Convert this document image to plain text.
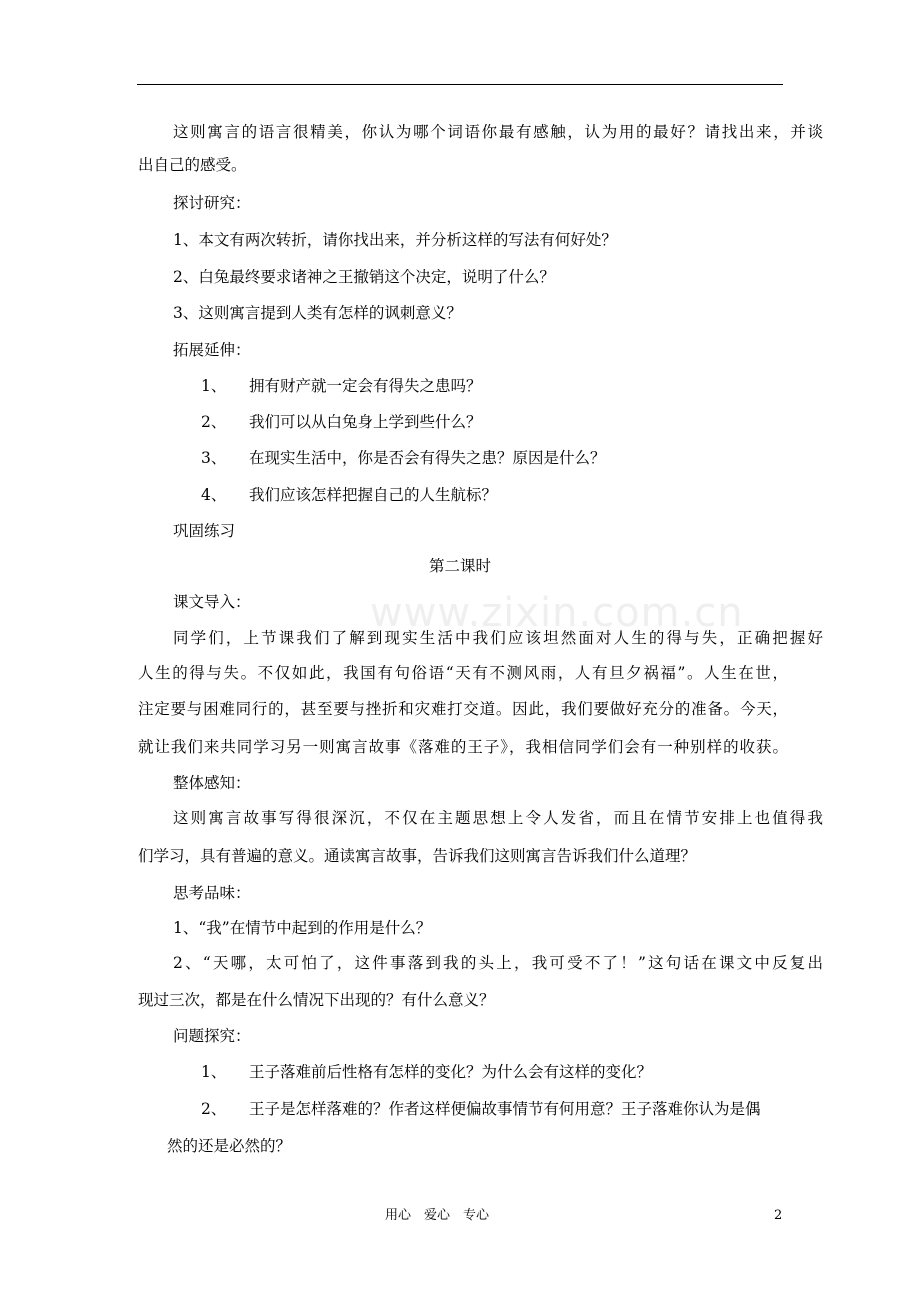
www.zixin.com.cn
这则寓言的语言很精美，你认为哪个词语你最有感触，认为用的最好？请找出来，并谈
出自己的感受。
探讨研究：
1、本文有两次转折，请你找出来，并分析这样的写法有何好处？
2、白兔最终要求诸神之王撤销这个决定，说明了什么？
3、这则寓言提到人类有怎样的讽刺意义？
拓展延伸：
1、 拥有财产就一定会有得失之患吗？
2、 我们可以从白兔身上学到些什么？
3、 在现实生活中，你是否会有得失之患？原因是什么？
4、 我们应该怎样把握自己的人生航标？
巩固练习
第二课时
课文导入：
同学们，上节课我们了解到现实生活中我们应该坦然面对人生的得与失，正确把握好
人生的得与失。不仅如此，我国有句俗语“天有不测风雨，人有旦夕祸福”。人生在世，
注定要与困难同行的，甚至要与挫折和灾难打交道。因此，我们要做好充分的准备。今天，
就让我们来共同学习另一则寓言故事《落难的王子》，我相信同学们会有一种别样的收获。
整体感知：
这则寓言故事写得很深沉，不仅在主题思想上令人发省，而且在情节安排上也值得我
们学习，具有普遍的意义。通读寓言故事，告诉我们这则寓言告诉我们什么道理？
思考品味：
1、“我”在情节中起到的作用是什么？
2、“天哪，太可怕了，这件事落到我的头上，我可受不了！”这句话在课文中反复出
现过三次，都是在什么情况下出现的？有什么意义？
问题探究：
1、 王子落难前后性格有怎样的变化？为什么会有这样的变化？
2、 王子是怎样落难的？作者这样便偏故事情节有何用意？王子落难你认为是偶
然的还是必然的？
用心　爱心　专心	2
